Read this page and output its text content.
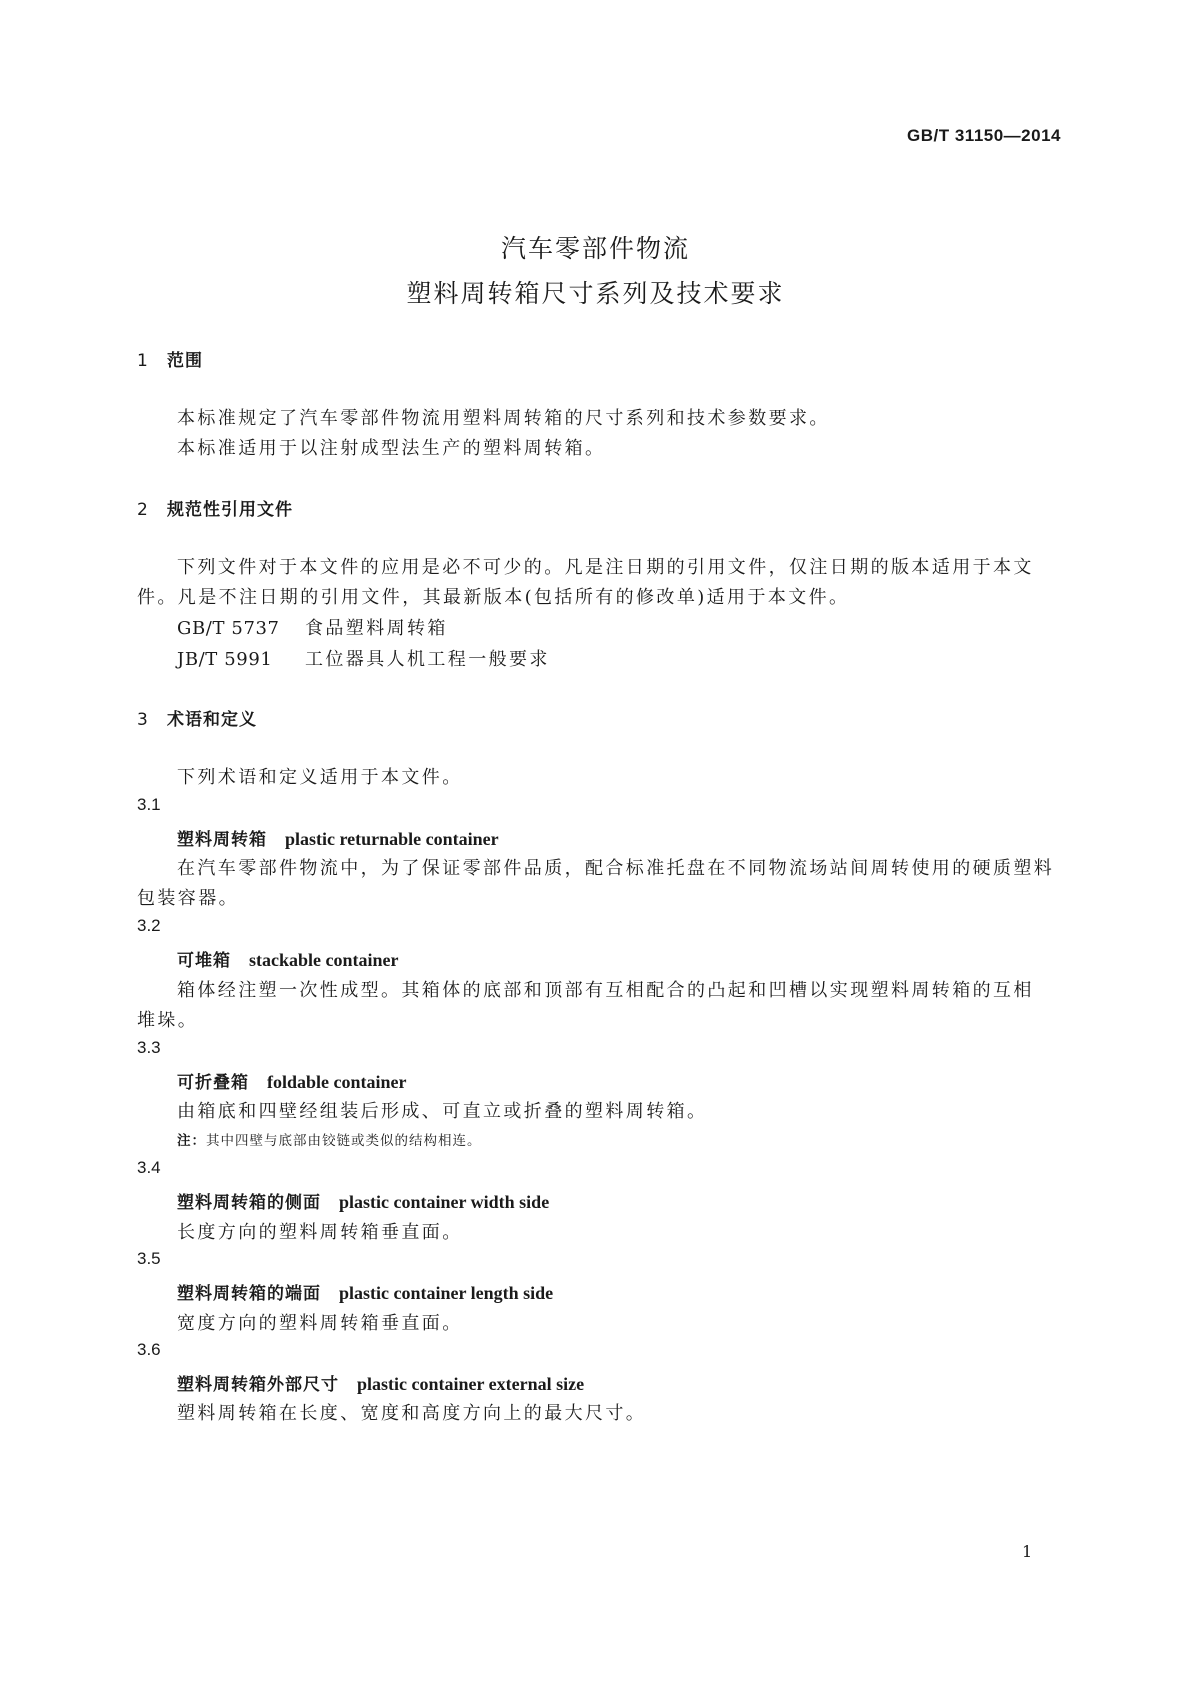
GB/T 31150—2014
汽车零部件物流
塑料周转箱尺寸系列及技术要求
1 范围
本标准规定了汽车零部件物流用塑料周转箱的尺寸系列和技术参数要求。
本标准适用于以注射成型法生产的塑料周转箱。
2 规范性引用文件
下列文件对于本文件的应用是必不可少的。凡是注日期的引用文件，仅注日期的版本适用于本文
件。凡是不注日期的引用文件，其最新版本(包括所有的修改单)适用于本文件。
GB/T 5737 食品塑料周转箱
JB/T 5991 工位器具人机工程一般要求
3 术语和定义
下列术语和定义适用于本文件。
3.1
塑料周转箱 plastic returnable container
在汽车零部件物流中，为了保证零部件品质，配合标准托盘在不同物流场站间周转使用的硬质塑料
包装容器。
3.2
可堆箱 stackable container
箱体经注塑一次性成型。其箱体的底部和顶部有互相配合的凸起和凹槽以实现塑料周转箱的互相
堆垛。
3.3
可折叠箱 foldable container
由箱底和四壁经组装后形成、可直立或折叠的塑料周转箱。
注：其中四壁与底部由铰链或类似的结构相连。
3.4
塑料周转箱的侧面 plastic container width side
长度方向的塑料周转箱垂直面。
3.5
塑料周转箱的端面 plastic container length side
宽度方向的塑料周转箱垂直面。
3.6
塑料周转箱外部尺寸 plastic container external size
塑料周转箱在长度、宽度和高度方向上的最大尺寸。
1
